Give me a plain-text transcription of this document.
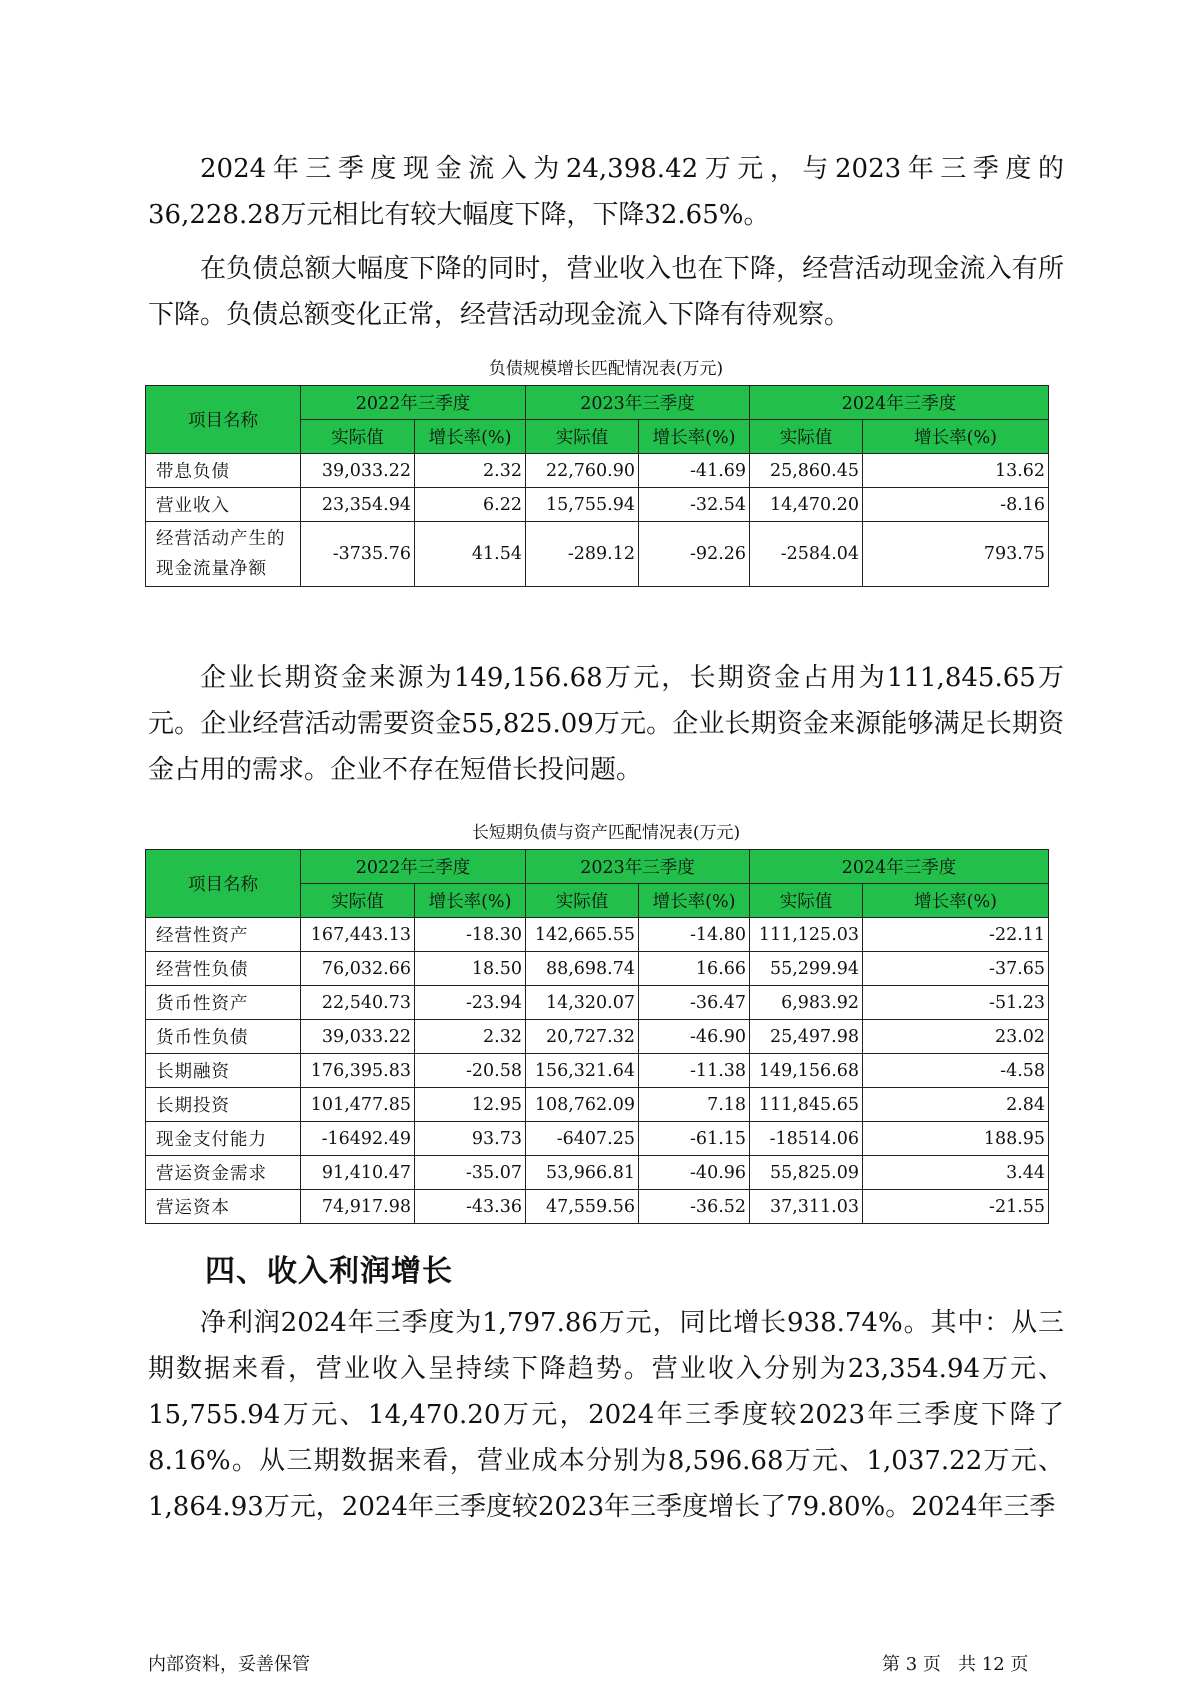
2024年三季度现金流入为24,398.42万元，与2023年三季度的36,228.28万元相比有较大幅度下降，下降32.65%。

在负债总额大幅度下降的同时，营业收入也在下降，经营活动现金流入有所下降。负债总额变化正常，经营活动现金流入下降有待观察。

负债规模增长匹配情况表(万元)
项目名称	2022年三季度		2023年三季度		2024年三季度	
	实际值	增长率(%)	实际值	增长率(%)	实际值	增长率(%)
带息负债	39,033.22	2.32	22,760.90	-41.69	25,860.45	13.62
营业收入	23,354.94	6.22	15,755.94	-32.54	14,470.20	-8.16
经营活动产生的现金流量净额	-3735.76	41.54	-289.12	-92.26	-2584.04	793.75

企业长期资金来源为149,156.68万元，长期资金占用为111,845.65万元。企业经营活动需要资金55,825.09万元。企业长期资金来源能够满足长期资金占用的需求。企业不存在短借长投问题。

长短期负债与资产匹配情况表(万元)
项目名称	2022年三季度		2023年三季度		2024年三季度	
	实际值	增长率(%)	实际值	增长率(%)	实际值	增长率(%)
经营性资产	167,443.13	-18.30	142,665.55	-14.80	111,125.03	-22.11
经营性负债	76,032.66	18.50	88,698.74	16.66	55,299.94	-37.65
货币性资产	22,540.73	-23.94	14,320.07	-36.47	6,983.92	-51.23
货币性负债	39,033.22	2.32	20,727.32	-46.90	25,497.98	23.02
长期融资	176,395.83	-20.58	156,321.64	-11.38	149,156.68	-4.58
长期投资	101,477.85	12.95	108,762.09	7.18	111,845.65	2.84
现金支付能力	-16492.49	93.73	-6407.25	-61.15	-18514.06	188.95
营运资金需求	91,410.47	-35.07	53,966.81	-40.96	55,825.09	3.44
营运资本	74,917.98	-43.36	47,559.56	-36.52	37,311.03	-21.55
四、收入利润增长

净利润2024年三季度为1,797.86万元，同比增长938.74%。其中：从三期数据来看，营业收入呈持续下降趋势。营业收入分别为23,354.94万元、15,755.94万元、14,470.20万元，2024年三季度较2023年三季度下降了8.16%。从三期数据来看，营业成本分别为8,596.68万元、1,037.22万元、1,864.93万元，2024年三季度较2023年三季度增长了79.80%。2024年三季

内部资料，妥善保管	第 3 页   共 12 页
